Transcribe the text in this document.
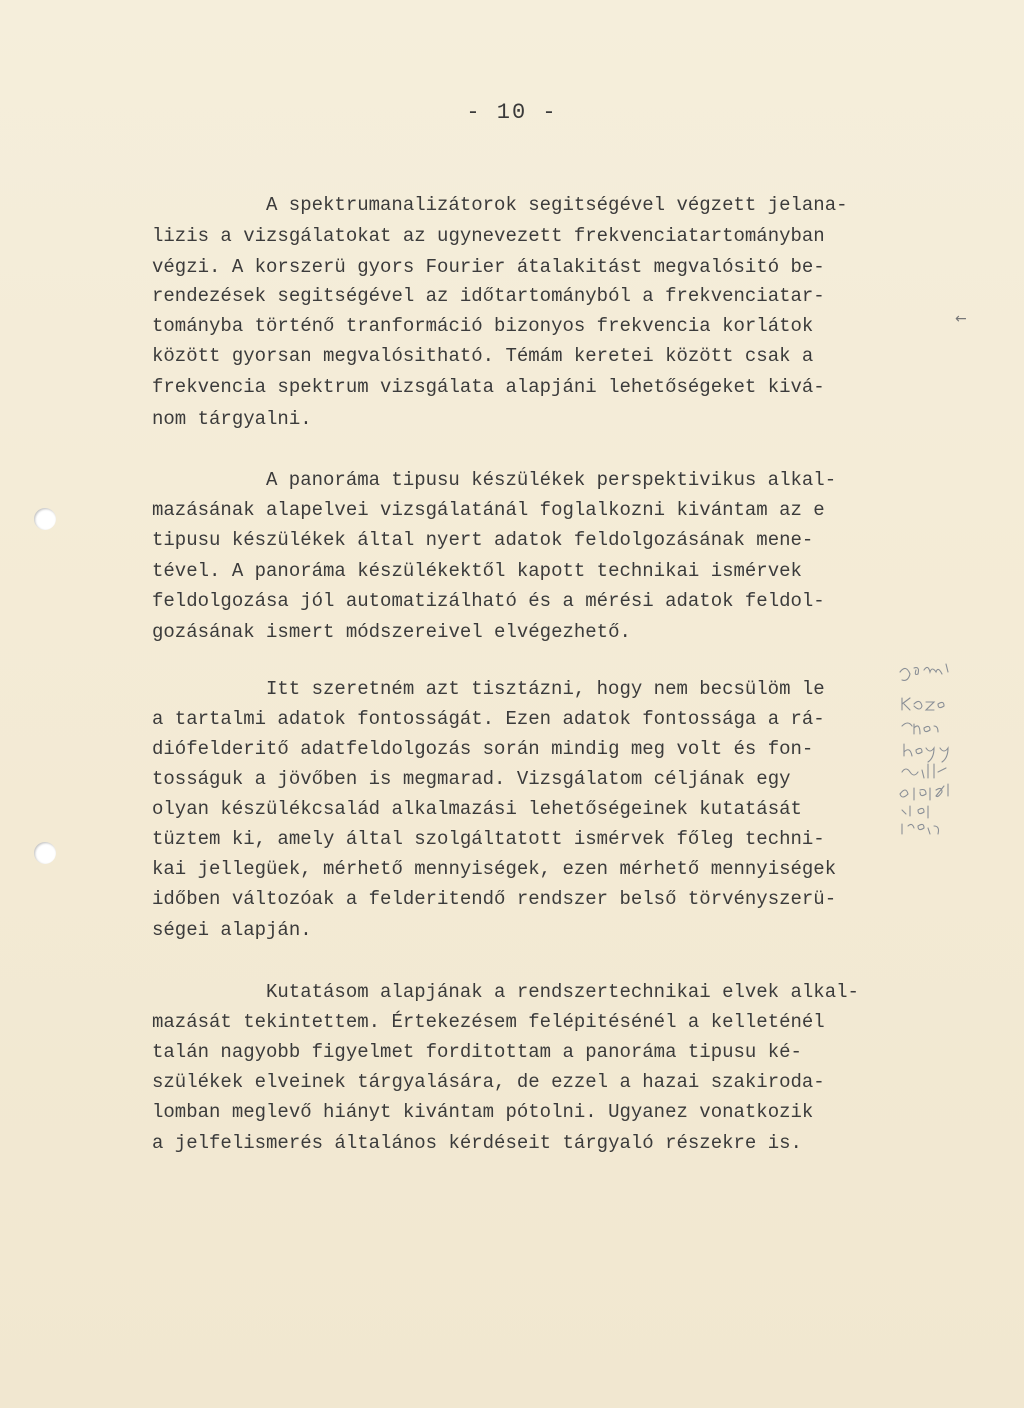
- 10 -
A spektrumanalizátorok segitségével végzett jelana-
lizis a vizsgálatokat az ugynevezett frekvenciatartományban
végzi. A korszerü gyors Fourier átalakitást megvalósitó be-
rendezések segitségével az időtartományból a frekvenciatar-
tományba történő tranformáció bizonyos frekvencia korlátok
között gyorsan megvalósitható. Témám keretei között csak a
frekvencia spektrum vizsgálata alapjáni lehetőségeket kivá-
nom tárgyalni.
A panoráma tipusu készülékek perspektivikus alkal-
mazásának alapelvei vizsgálatánál foglalkozni kivántam az e
tipusu készülékek által nyert adatok feldolgozásának mene-
tével. A panoráma készülékektől kapott technikai ismérvek
feldolgozása jól automatizálható és a mérési adatok feldol-
gozásának ismert módszereivel elvégezhető.
Itt szeretném azt tisztázni, hogy nem becsülöm le
a tartalmi adatok fontosságát. Ezen adatok fontossága a rá-
diófelderitő adatfeldolgozás során mindig meg volt és fon-
tosságuk a jövőben is megmarad. Vizsgálatom céljának egy
olyan készülékcsalád alkalmazási lehetőségeinek kutatását
tüztem ki, amely által szolgáltatott ismérvek főleg techni-
kai jellegüek, mérhető mennyiségek, ezen mérhető mennyiségek
időben változóak a felderitendő rendszer belső törvényszerü-
ségei alapján.
Kutatásom alapjának a rendszertechnikai elvek alkal-
mazását tekintettem. Értekezésem felépitésénél a kelleténél
talán nagyobb figyelmet forditottam a panoráma tipusu ké-
szülékek elveinek tárgyalására, de ezzel a hazai szakiroda-
lomban meglevő hiányt kivántam pótolni. Ugyanez vonatkozik
a jelfelismerés általános kérdéseit tárgyaló részekre is.
←
